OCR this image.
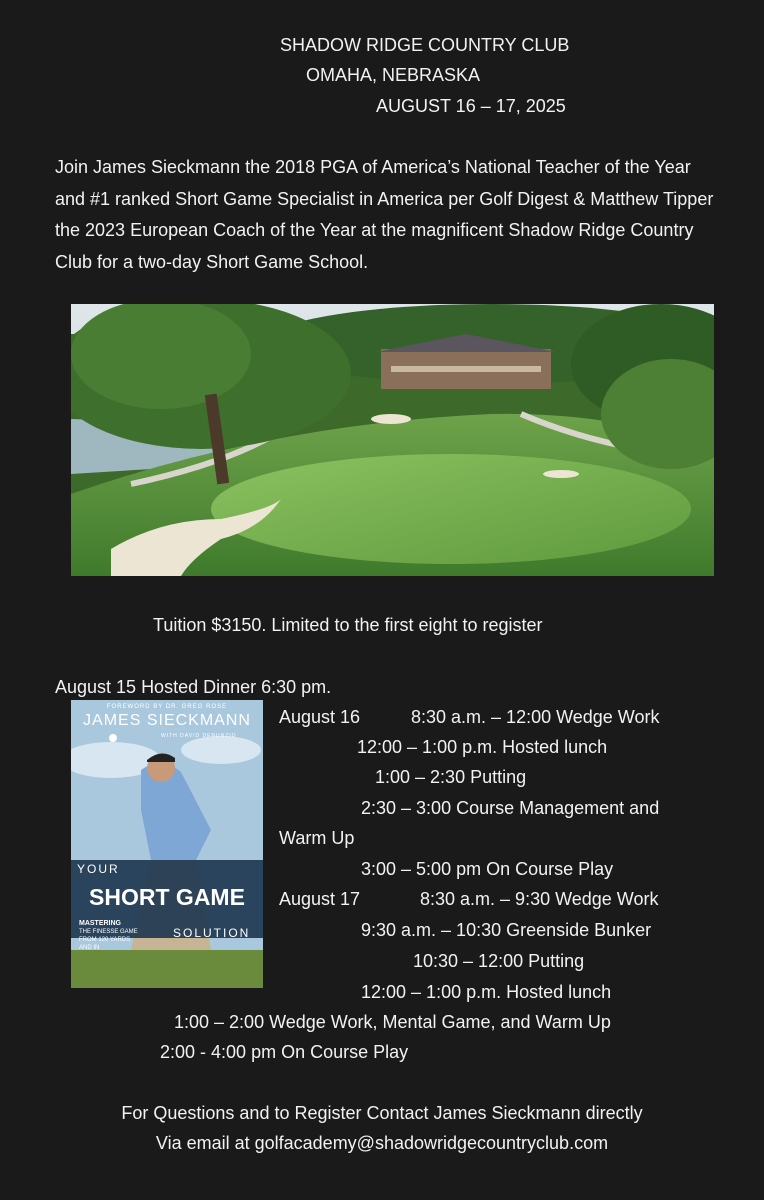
SHADOW RIDGE COUNTRY CLUB
OMAHA, NEBRASKA
AUGUST 16 – 17, 2025
Join James Sieckmann the 2018 PGA of America’s National Teacher of the Year and #1 ranked Short Game Specialist in America per Golf Digest & Matthew Tipper the 2023 European Coach of the Year at the magnificent Shadow Ridge Country Club for a two-day Short Game School.
Tuition $3150. Limited to the first eight to register
August 15 Hosted Dinner 6:30 pm.
FOREWORD BY DR. GREG ROSE
JAMES SIECKMANN
WITH DAVID DENUNZIO
YOUR
SHORT GAME
MASTERING
THE FINESSE GAME
FROM 120 YARDS
AND IN
SOLUTION
August 16	8:30 a.m. – 12:00 Wedge Work
12:00 – 1:00 p.m. Hosted lunch
1:00 – 2:30 Putting
2:30 – 3:00 Course Management and
Warm Up
3:00 – 5:00 pm On Course Play
August 17	8:30 a.m. – 9:30 Wedge Work
9:30 a.m. – 10:30 Greenside Bunker
10:30 – 12:00 Putting
12:00 – 1:00 p.m. Hosted lunch
1:00 – 2:00 Wedge Work, Mental Game, and Warm Up
2:00 - 4:00 pm On Course Play
For Questions and to Register Contact James Sieckmann directly
Via email at golfacademy@shadowridgecountryclub.com
